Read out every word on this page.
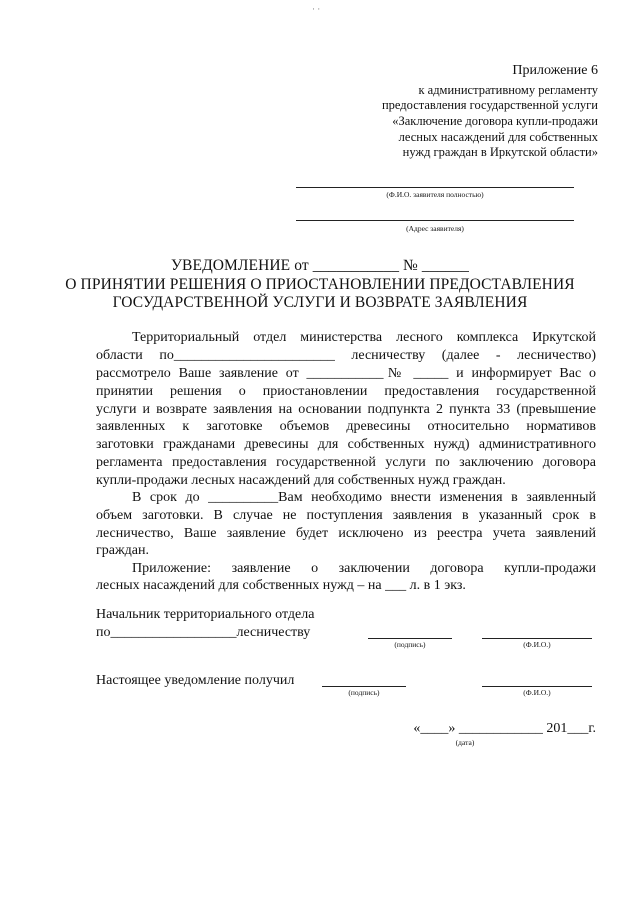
· ·
Приложение 6
к административному регламенту
предоставления государственной услуги
«Заключение договора купли-продажи
лесных насаждений для собственных
нужд граждан в Иркутской области»
(Ф.И.О. заявителя полностью)
(Адрес заявителя)
УВЕДОМЛЕНИЕ от ___________ № ______
О ПРИНЯТИИ РЕШЕНИЯ О ПРИОСТАНОВЛЕНИИ ПРЕДОСТАВЛЕНИЯ
ГОСУДАРСТВЕННОЙ УСЛУГИ И ВОЗВРАТЕ ЗАЯВЛЕНИЯ
Территориальный отдел министерства лесного комплекса Иркутской
области по_______________________ лесничеству (далее - лесничество)
рассмотрело Ваше заявление от ___________№ _____ и информирует Вас о
принятии решения о приостановлении предоставления государственной
услуги и возврате заявления на основании подпункта 2 пункта 33 (превышение
заявленных к заготовке объемов древесины относительно нормативов
заготовки гражданами древесины для собственных нужд) административного
регламента предоставления государственной услуги по заключению договора
купли-продажи лесных насаждений для собственных нужд граждан.
В срок до __________Вам необходимо внести изменения в заявленный
объем заготовки. В случае не поступления заявления в указанный срок в
лесничество, Ваше заявление будет исключено из реестра учета заявлений
граждан.
Приложение: заявление о заключении договора купли-продажи
лесных насаждений для собственных нужд – на ___ л. в 1 экз.
Начальник территориального отдела
по__________________лесничеству
(подпись)	(Ф.И.О.)
Настоящее уведомление получил
(подпись)	(Ф.И.О.)
«____» ____________ 201___г.
(дата)
